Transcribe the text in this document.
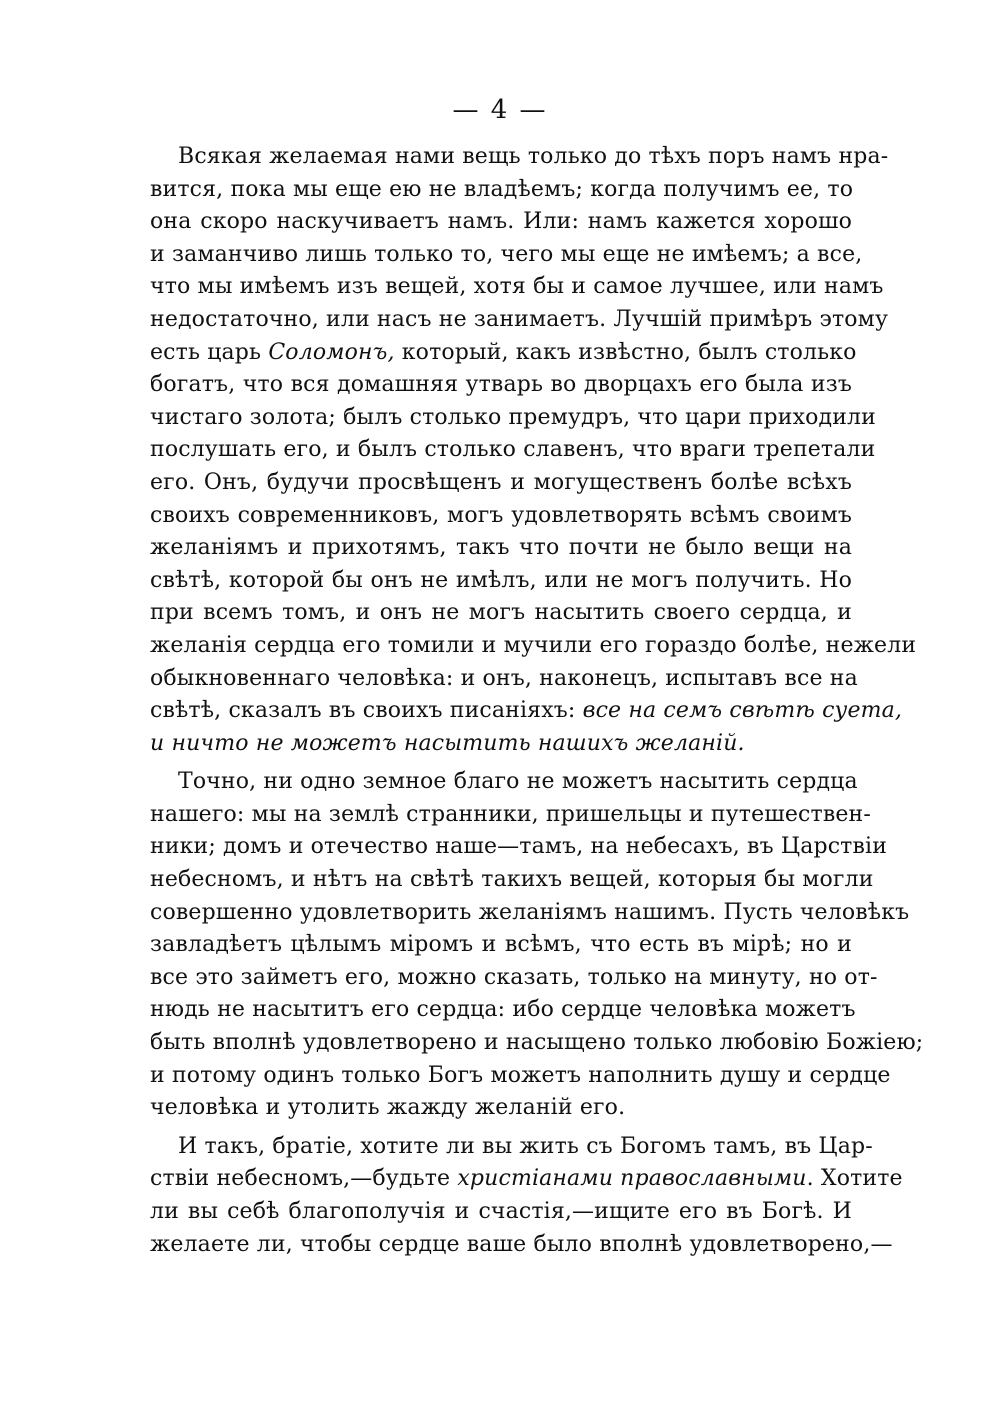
— 4 —

Всякая желаемая нами вещь только до тѣхъ поръ намъ нра-
вится, пока мы еще ею не владѣемъ; когда получимъ ее, то
она скоро наскучиваетъ намъ. Или: намъ кажется хорошо
и заманчиво лишь только то, чего мы еще не имѣемъ; а все,
что мы имѣемъ изъ вещей, хотя бы и самое лучшее, или намъ
недостаточно, или насъ не занимаетъ. Лучшій примѣръ этому
есть царь Соломонъ, который, какъ извѣстно, былъ столько
богатъ, что вся домашняя утварь во дворцахъ его была изъ
чистаго золота; былъ столько премудръ, что цари приходили
послушать его, и былъ столько славенъ, что враги трепетали
его. Онъ, будучи просвѣщенъ и могущественъ болѣе всѣхъ
своихъ современниковъ, могъ удовлетворять всѣмъ своимъ
желаніямъ и прихотямъ, такъ что почти не было вещи на
свѣтѣ, которой бы онъ не имѣлъ, или не могъ получить. Но
при всемъ томъ, и онъ не могъ насытить своего сердца, и
желанія сердца его томили и мучили его гораздо болѣе, нежели
обыкновеннаго человѣка: и онъ, наконецъ, испытавъ все на
свѣтѣ, сказалъ въ своихъ писаніяхъ: все на семъ свѣтѣ суета,
и ничто не можетъ насытить нашихъ желаній.

Точно, ни одно земное благо не можетъ насытить сердца
нашего: мы на землѣ странники, пришельцы и путешествен-
ники; домъ и отечество наше—тамъ, на небесахъ, въ Царствіи
небесномъ, и нѣтъ на свѣтѣ такихъ вещей, которыя бы могли
совершенно удовлетворить желаніямъ нашимъ. Пусть человѣкъ
завладѣетъ цѣлымъ міромъ и всѣмъ, что есть въ мірѣ; но и
все это займетъ его, можно сказать, только на минуту, но от-
нюдь не насытитъ его сердца: ибо сердце человѣка можетъ
быть вполнѣ удовлетворено и насыщено только любовію Божіею;
и потому одинъ только Богъ можетъ наполнить душу и сердце
человѣка и утолить жажду желаній его.

И такъ, братіе, хотите ли вы жить съ Богомъ тамъ, въ Цар-
ствіи небесномъ,—будьте христіанами православными. Хотите
ли вы себѣ благополучія и счастія,—ищите его въ Богѣ. И
желаете ли, чтобы сердце ваше было вполнѣ удовлетворено,—
